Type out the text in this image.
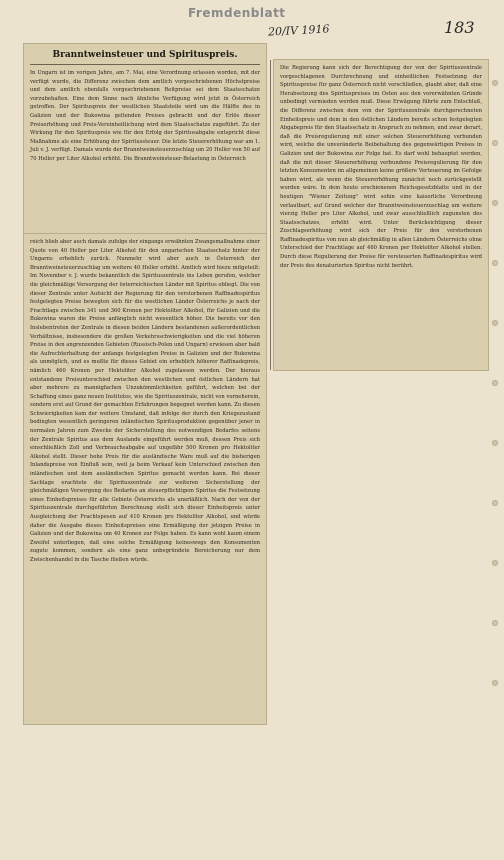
Fremdenblatt
20/IV 1916	183
Branntweinsteuer und Spirituspreis.
In Ungarn ist im vorigen Jahre, am 7. Mai, eine Verordnung erlassen worden, mit der verfügt wurde, die Differenz zwischen dem amtlich vorgeschriebenen Höchstpreise und dem amtlich ebenfalls vorgeschriebenen Reitpreise sei dem Staatsschatze vorzubehalten. Eine dem Sinne nach ähnliche Verfügung wird jetzt in Österreich getroffen. Der Spirituspreis der westlichen Staatsteile wird um die Hälfte des in Galizien und der Bukowina geltenden Preises gebracht und der Erlös dieser Preiserhöhung und Preis-Vereinheitlichung wird dem Staatsschatze zugeführt. Zu der Wirkung für den Spirituspreis wie für den Erfolg der Spiritusabgabe entspricht diese Maßnahme als eine Erhöhung der Spiritussteuer. Die letzte Steuererhöhung war am 1. Juli v. J. verfügt. Damals wurde der Branntweinsteuerzuschlag um 20 Heller von 50 auf 70 Heller per Liter Alkohol erhöht. Die Branntweinsteuer-Belastung in Österreich
Die Regierung kann sich der Berechtigung der von der Spirituszentrale vorgeschlagenen Durchrechnung und einheitlichen Festsetzung der Spirituspreise für ganz Österreich nicht verschließen, glaubt aber, daß eine Herabsetzung des Spirituspreises im Osten aus den vorerwähnten Gründe unbedingt vermieden werden muß. Diese Erwägung führte zum Entschluß, die Differenz zwischen dem von der Spirituszentrale durchgerechneten Einheitspreis und dem in den östlichen Ländern bereits schon festgelegten Abgabepreis für den Staatsschatz in Anspruch zu nehmen, und zwar derart, daß die Preisregulierung mit einer solchen Steuererhöhung verbunden wird, welche die unveränderte Beibehaltung des gegenwärtigen Preises in Galizien und der Bukowina zur Folge hat. Es darf wohl behauptet werden, daß die mit dieser Steuererhöhung verbundene Preisregulierung für den letzten Konsumenten im allgemeinen keine größere Verteuerung im Gefolge haben wird, als wenn die Steuererhöhung zunächst noch zurückgestellt worden wäre. In dem heute erschienenen Reichsgesetzblatte und in der heutigen "Wiener Zeitung" wird sohin eine kaiserliche Verordnung verlautbart, auf Grund welcher der Branntweinsteuerzuschlag um weitere vierzig Heller pro Liter Alkohol, und zwar ausschließlich zugunsten des Staatsschatzes, erhöht wird. Unter Berücksichtigung dieser Zuschlagserhöhung wird sich der Preis für den verstorbenen Raffinadespiritus von nun ab gleichmäßig in allen Ländern Österreichs ohne Unterschied der Frachtlage auf 460 Kronen per Hektoliter Alkohol stellen. Durch diese Regulierung der Preise für versteuerten Raffinadespiritus wird der Preis des denaturierten Spiritus nicht berührt.
reich blieb aber auch damals zufolge der eingangs erwähnten Zwangsmaßnahme einer Quote von 40 Heller per Liter Alkohol für den ungarischen Staatsschatz hinter der Ungarns erheblich zurück. Nunmehr wird aber auch in Österreich der Branntweinsteuerzuschlag um weitere 40 Heller erhöht. Amtlich wird hiezu mitgeteilt: Im November v. J. wurde bekanntlich die Spirituszentrale ins Leben gerufen, welcher die gleichmäßige Versorgung der österreichischen Länder mit Spiritus obliegt. Die von dieser Zentrale unter Aufsicht der Regierung für den verstorbenen Raffinadespiritus festgelegten Preise bewegten sich für die westlichen Länder Österreichs je nach der Frachtlage zwischen 341 und 360 Kronen per Hektoliter Alkohol, für Galizien und die Bukowina waren die Preise anfänglich nicht wesentlich höher. Die bereits vor den Inslebentreten der Zentrale in diesen beiden Ländern bestandenen außerordentlichen Verhältnisse, insbesondere die großen Verkehrsschwierigkeiten und die viel höheren Preise in den angrenzenden Gebieten (Russisch-Polen und Ungarn) erwiesen aber bald die Aufrechterhaltung der anfangs festgelegten Preise in Galizien und der Bukowina als unmöglich, und es mußte für dieses Gebiet ein erheblich höherer Raffinadepreis, nämlich 460 Kronen per Hektoliter Alkohol zugelassen werden. Der hieraus entstandene Preisunterschied zwischen den westlichen und östlichen Ländern hat aber mehrere zu mannigfachen Unzukömmlichkeiten geführt, welchen bei der Schaffung eines ganz neuen Institutes, wie die Spirituszentrale, nicht von vorneherein, sondern erst auf Grund der gemachten Erfahrungen begegnet werden kann. Zu diesen Schwierigkeiten kam der weitere Umstand, daß infolge der durch den Kriegszustand bedingten wesentlich geringeren inländischen Spiritusproduktion gegenüber jener in normalen Jahren zum Zwecke der Sicherstellung des notwendigen Bedarfes seitens der Zentrale Spiritus aus dem Auslande eingeführt werden muß, dessen Preis sich einschließlich Zoll und Verbrauchsabgabe auf ungefähr 500 Kronen pro Hektoliter Alkohol stellt. Dieser hohe Preis für die ausländische Ware muß auf die bisherigen Inlandspreise von Einfluß sein, weil ja beim Verkauf kein Unterschied zwischen den inländischen und dem ausländischen Spiritus gemacht werden kann. Bei dieser Sachlage erachtete die Spirituszentrale zur weiteren Sicherstellung der gleichmäßigen Versorgung des Bedarfes an steuerpflichtigem Spiritus die Festsetzung eines Einheitspreises für alle Gebiete Österreichs als unerläßlich. Nach der von der Spirituszentrale durchgeführten Berechnung stellt sich dieser Einheitspreis unter Ausgleichung der Frachtspesen auf 410 Kronen pro Hektoliter Alkohol, und würde daher die Ausgabe dieses Einheitspreises eine Ermäßigung der jetzigen Preise in Galizien und der Bukowina um 40 Kronen zur Folge haben. Es kann wohl kaum einem Zweifel unterliegen, daß eine solche Ermäßigung keineswegs den Konsumenten zugute kommen, sondern als eine ganz unbegründete Bereicherung nur dem Zwischenhandel in die Tasche fließen würde.
